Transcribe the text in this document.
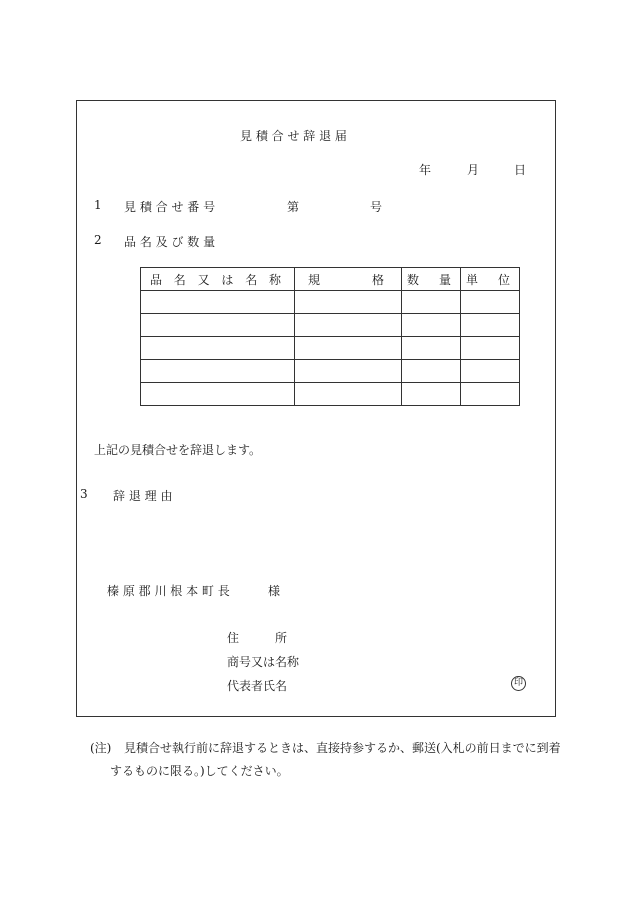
見 積 合 せ 辞 退 届
年	月	日
1 見 積 合 せ 番 号	第	号
2 品 名 及 び 数 量
品 名 又 は 名 称	規　　　格	数　量	単　位

上記の見積合せを辞退します。
3 辞 退 理 由
榛 原 郡 川 根 本 町 長	様
住　　　所
商号又は名称
代表者氏名	印
(注) 見積合せ執行前に辞退するときは、直接持参するか、郵送(入札の前日までに到着
するものに限る。)してください。
